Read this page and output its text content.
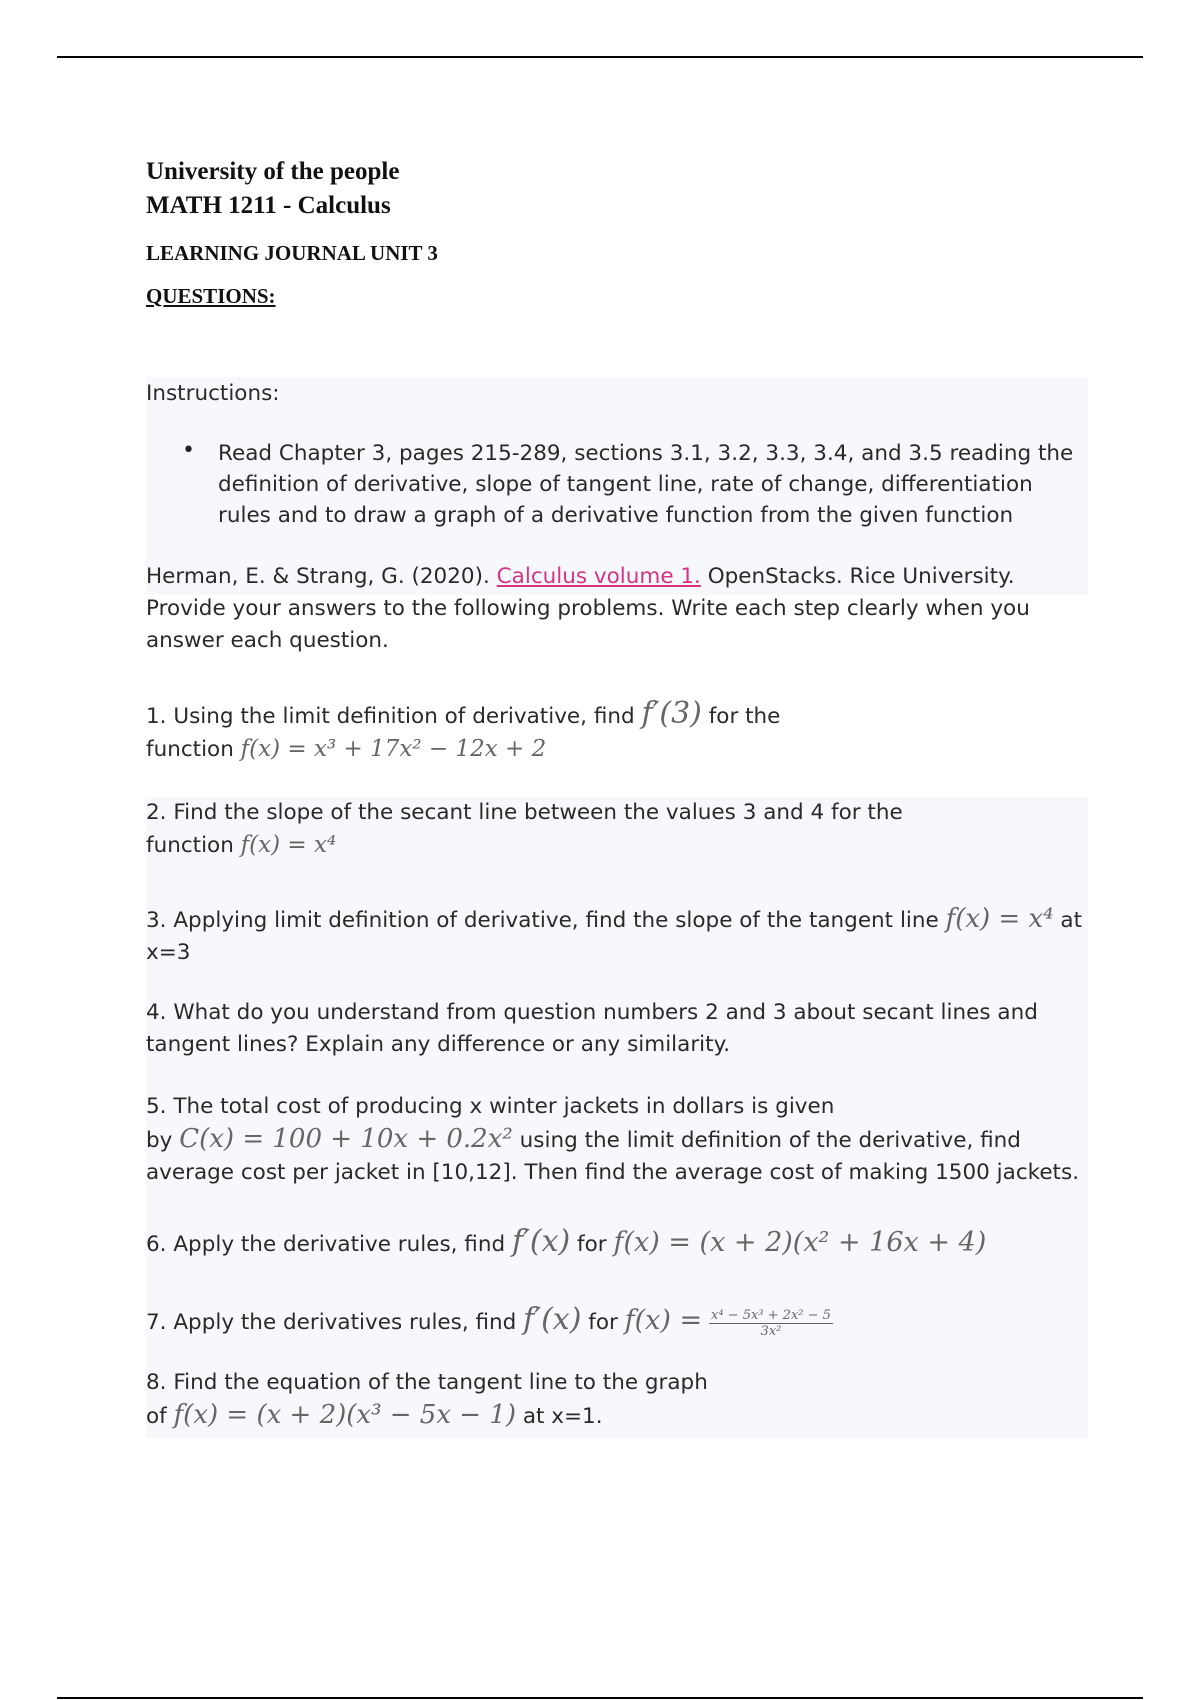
University of the people
MATH 1211 - Calculus
LEARNING JOURNAL UNIT 3
QUESTIONS:
Instructions:
• Read Chapter 3, pages 215-289, sections 3.1, 3.2, 3.3, 3.4, and 3.5 reading the definition of derivative, slope of tangent line, rate of change, differentiation rules and to draw a graph of a derivative function from the given function
Herman, E. & Strang, G. (2020). Calculus volume 1. OpenStacks. Rice University.
Provide your answers to the following problems. Write each step clearly when you answer each question.
1. Using the limit definition of derivative, find f′(3) for the
function f(x) = x³ + 17x² − 12x + 2
2. Find the slope of the secant line between the values 3 and 4 for the
function f(x) = x⁴
3. Applying limit definition of derivative, find the slope of the tangent line f(x) = x⁴ at
x=3
4. What do you understand from question numbers 2 and 3 about secant lines and tangent lines? Explain any difference or any similarity.
5. The total cost of producing x winter jackets in dollars is given
by C(x) = 100 + 10x + 0.2x² using the limit definition of the derivative, find
average cost per jacket in [10,12]. Then find the average cost of making 1500 jackets.
6. Apply the derivative rules, find f′(x) for f(x) = (x + 2)(x² + 16x + 4)
7. Apply the derivatives rules, find f′(x) for $f(x) = \frac{\text{x⁴ − 5x³ + 2x² − 5}}{\text{3x²}}$
8. Find the equation of the tangent line to the graph
of f(x) = (x + 2)(x³ − 5x − 1) at x=1.
